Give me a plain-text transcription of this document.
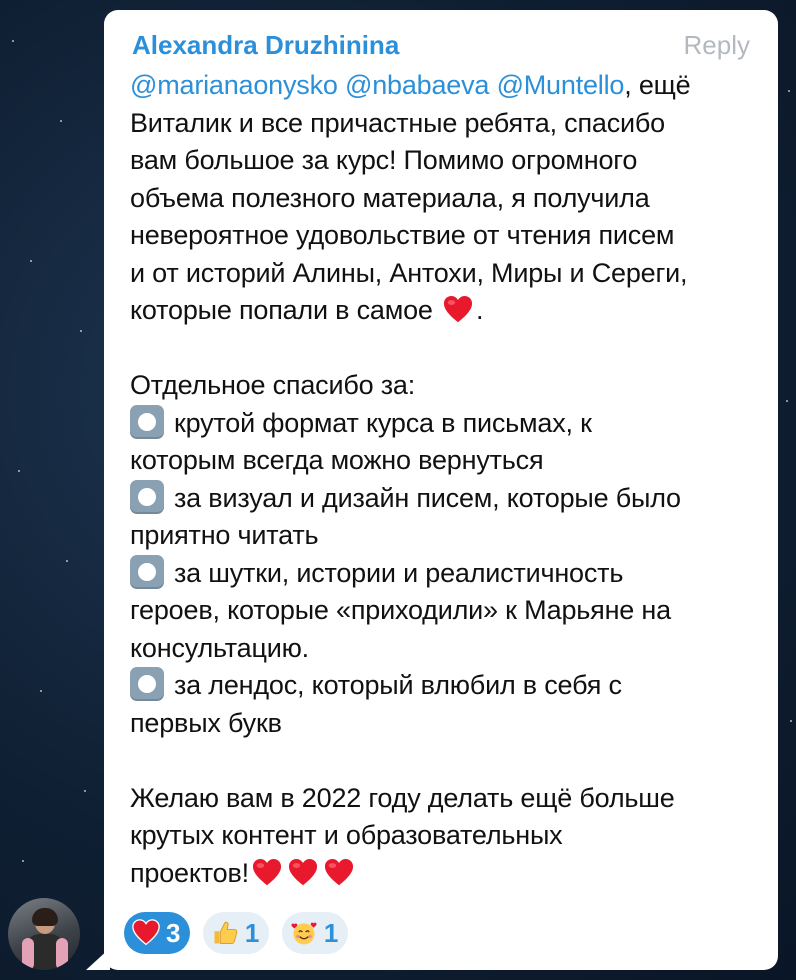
Alexandra Druzhinina	Reply
@marianaonysko @nbabaeva @Muntello, ещё
Виталик и все причастные ребята, спасибо
вам большое за курс! Помимо огромного
объема полезного материала, я получила
невероятное удовольствие от чтения писем
и от историй Алины, Антохи, Миры и Сереги,
которые попали в самое .
Отдельное спасибо за:
крутой формат курса в письмах, к
которым всегда можно вернуться
за визуал и дизайн писем, которые было
приятно читать
за шутки, истории и реалистичность
героев, которые «приходили» к Марьяне на
консультацию.
за лендос, который влюбил в себя с
первых букв
Желаю вам в 2022 году делать ещё больше
крутых контент и образовательных
проектов!
3
1
1
